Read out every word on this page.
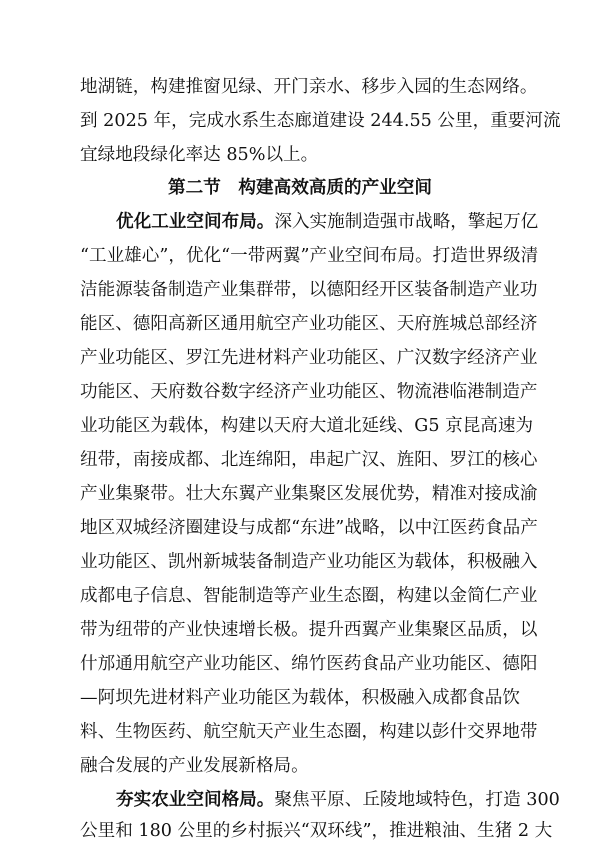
地湖链，构建推窗见绿、开门亲水、移步入园的生态网络。
到 2025 年，完成水系生态廊道建设 244.55 公里，重要河流
宜绿地段绿化率达 85%以上。
第二节　构建高效高质的产业空间
优化工业空间布局。深入实施制造强市战略，擎起万亿
“工业雄心”，优化“一带两翼”产业空间布局。打造世界级清
洁能源装备制造产业集群带，以德阳经开区装备制造产业功
能区、德阳高新区通用航空产业功能区、天府旌城总部经济
产业功能区、罗江先进材料产业功能区、广汉数字经济产业
功能区、天府数谷数字经济产业功能区、物流港临港制造产
业功能区为载体，构建以天府大道北延线、G5 京昆高速为
纽带，南接成都、北连绵阳，串起广汉、旌阳、罗江的核心
产业集聚带。壮大东翼产业集聚区发展优势，精准对接成渝
地区双城经济圈建设与成都“东进”战略，以中江医药食品产
业功能区、凯州新城装备制造产业功能区为载体，积极融入
成都电子信息、智能制造等产业生态圈，构建以金简仁产业
带为纽带的产业快速增长极。提升西翼产业集聚区品质，以
什邡通用航空产业功能区、绵竹医药食品产业功能区、德阳
—阿坝先进材料产业功能区为载体，积极融入成都食品饮
料、生物医药、航空航天产业生态圈，构建以彭什交界地带
融合发展的产业发展新格局。
夯实农业空间格局。聚焦平原、丘陵地域特色，打造 300
公里和 180 公里的乡村振兴“双环线”，推进粮油、生猪 2 大
